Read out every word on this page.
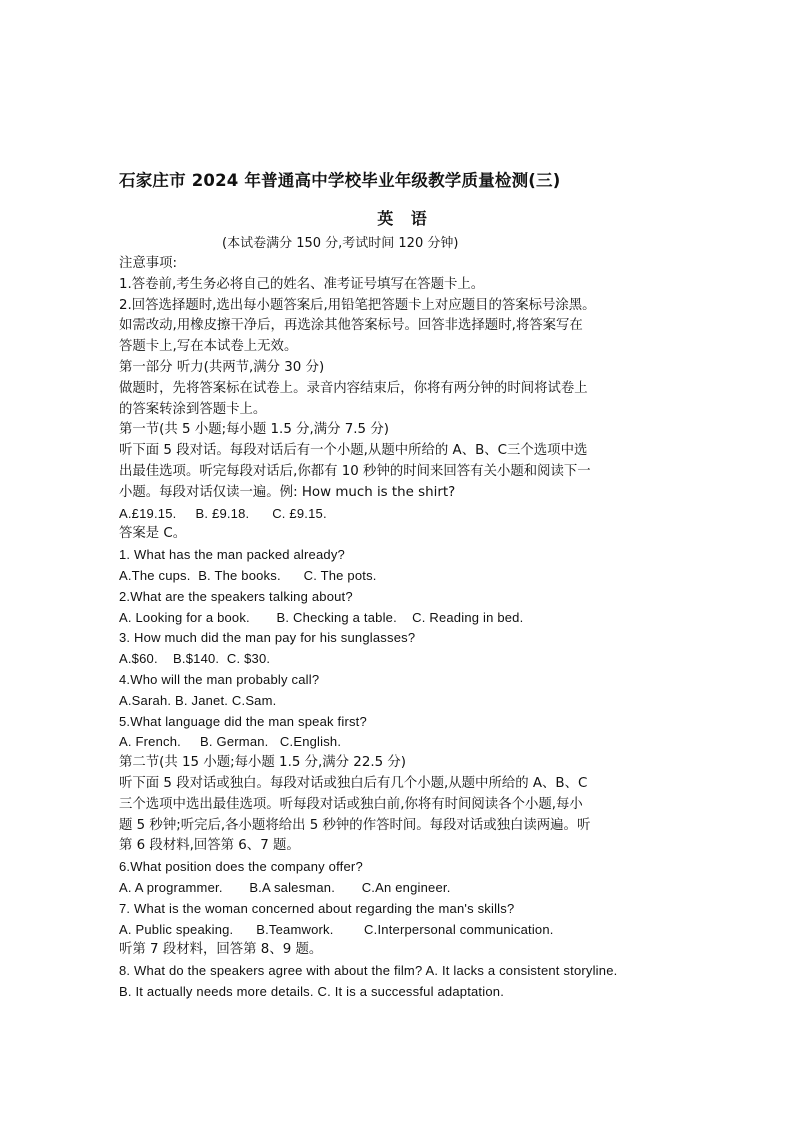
石家庄市 2024 年普通高中学校毕业年级教学质量检测(三)
英 语
(本试卷满分 150 分,考试时间 120 分钟)

注意事项:

1.答卷前,考生务必将自己的姓名、准考证号填写在答题卡上。

2.回答选择题时,选出每小题答案后,用铅笔把答题卡上对应题目的答案标号涂黑。

如需改动,用橡皮擦干净后，再选涂其他答案标号。回答非选择题时,将答案写在

答题卡上,写在本试卷上无效。

第一部分 听力(共两节,满分 30 分)

做题时，先将答案标在试卷上。录音内容结束后，你将有两分钟的时间将试卷上

的答案转涂到答题卡上。

第一节(共 5 小题;每小题 1.5 分,满分 7.5 分)

听下面 5 段对话。每段对话后有一个小题,从题中所给的 A、B、C三个选项中选

出最佳选项。听完每段对话后,你都有 10 秒钟的时间来回答有关小题和阅读下一

小题。每段对话仅读一遍。例: How much is the shirt?

A.£19.15.     B. £9.18.      C. £9.15.

答案是 C。

1. What has the man packed already?

A.The cups.  B. The books.      C. The pots.

2.What are the speakers talking about?

A. Looking for a book.       B. Checking a table.    C. Reading in bed.

3. How much did the man pay for his sunglasses?

A.$60.    B.$140.  C. $30.

4.Who will the man probably call?

A.Sarah. B. Janet. C.Sam.

5.What language did the man speak first?

A. French.     B. German.   C.English.

第二节(共 15 小题;每小题 1.5 分,满分 22.5 分)

听下面 5 段对话或独白。每段对话或独白后有几个小题,从题中所给的 A、B、C

三个选项中选出最佳选项。听每段对话或独白前,你将有时间阅读各个小题,每小

题 5 秒钟;听完后,各小题将给出 5 秒钟的作答时间。每段对话或独白读两遍。听

第 6 段材料,回答第 6、7 题。

6.What position does the company offer?

A. A programmer.       B.A salesman.       C.An engineer.

7. What is the woman concerned about regarding the man's skills?

A. Public speaking.      B.Teamwork.        C.Interpersonal communication.

听第 7 段材料，回答第 8、9 题。

8. What do the speakers agree with about the film? A. It lacks a consistent storyline.

B. It actually needs more details. C. It is a successful adaptation.
